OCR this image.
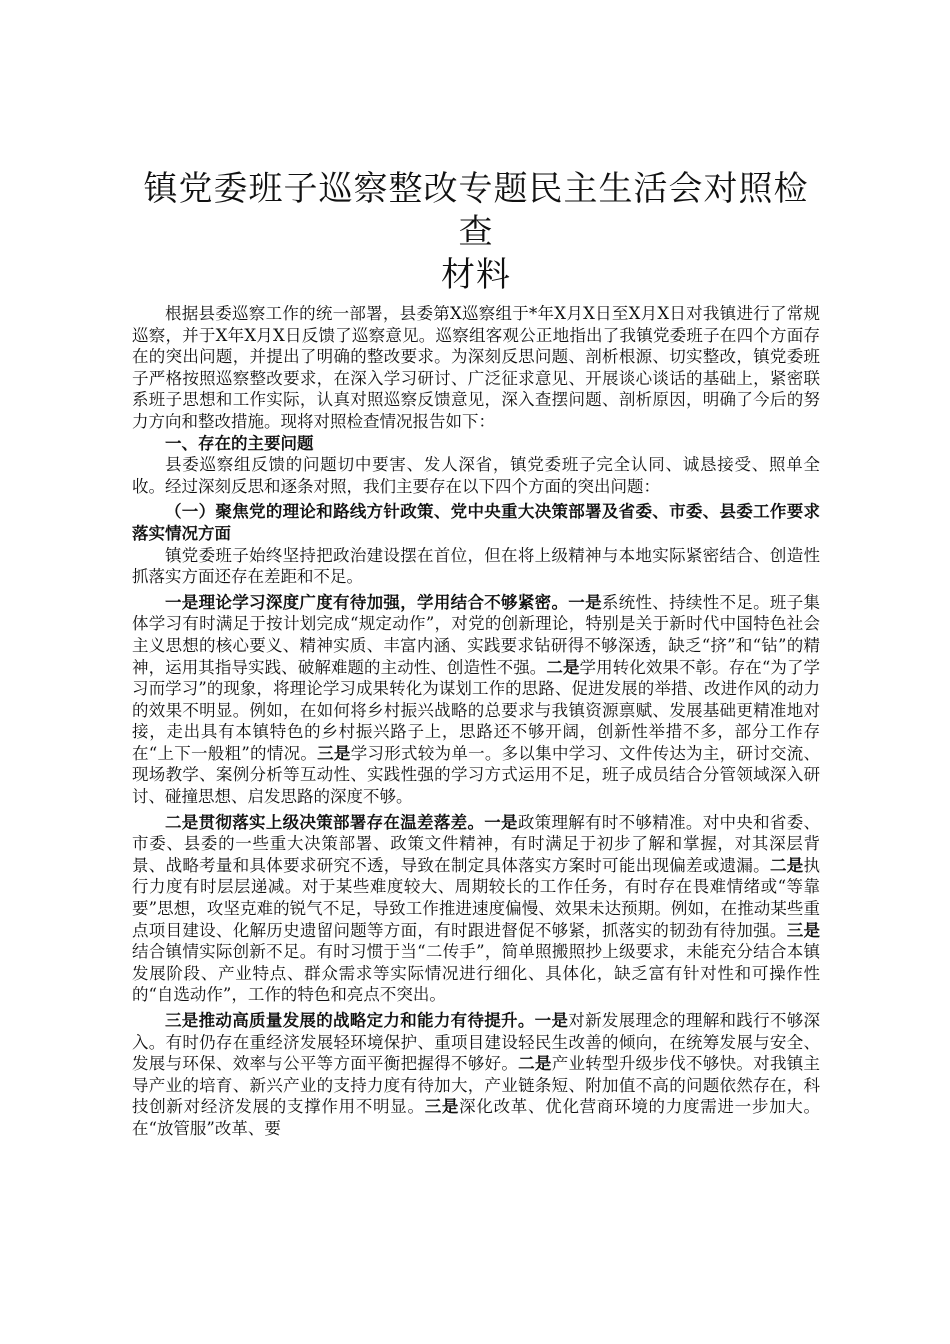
镇党委班子巡察整改专题民主生活会对照检查
材料

根据县委巡察工作的统一部署，县委第X巡察组于*年X月X日至X月X日对我镇进行了常规巡察，并于X年X月X日反馈了巡察意见。巡察组客观公正地指出了我镇党委班子在四个方面存在的突出问题，并提出了明确的整改要求。为深刻反思问题、剖析根源、切实整改，镇党委班子严格按照巡察整改要求，在深入学习研讨、广泛征求意见、开展谈心谈话的基础上，紧密联系班子思想和工作实际，认真对照巡察反馈意见，深入查摆问题、剖析原因，明确了今后的努力方向和整改措施。现将对照检查情况报告如下：

一、存在的主要问题

县委巡察组反馈的问题切中要害、发人深省，镇党委班子完全认同、诚恳接受、照单全收。经过深刻反思和逐条对照，我们主要存在以下四个方面的突出问题：

（一）聚焦党的理论和路线方针政策、党中央重大决策部署及省委、市委、县委工作要求落实情况方面

镇党委班子始终坚持把政治建设摆在首位，但在将上级精神与本地实际紧密结合、创造性抓落实方面还存在差距和不足。

一是理论学习深度广度有待加强，学用结合不够紧密。一是系统性、持续性不足。班子集体学习有时满足于按计划完成“规定动作”，对党的创新理论，特别是关于新时代中国特色社会主义思想的核心要义、精神实质、丰富内涵、实践要求钻研得不够深透，缺乏“挤”和“钻”的精神，运用其指导实践、破解难题的主动性、创造性不强。二是学用转化效果不彰。存在“为了学习而学习”的现象，将理论学习成果转化为谋划工作的思路、促进发展的举措、改进作风的动力的效果不明显。例如，在如何将乡村振兴战略的总要求与我镇资源禀赋、发展基础更精准地对接，走出具有本镇特色的乡村振兴路子上，思路还不够开阔，创新性举措不多，部分工作存在“上下一般粗”的情况。三是学习形式较为单一。多以集中学习、文件传达为主，研讨交流、现场教学、案例分析等互动性、实践性强的学习方式运用不足，班子成员结合分管领域深入研讨、碰撞思想、启发思路的深度不够。

二是贯彻落实上级决策部署存在温差落差。一是政策理解有时不够精准。对中央和省委、市委、县委的一些重大决策部署、政策文件精神，有时满足于初步了解和掌握，对其深层背景、战略考量和具体要求研究不透，导致在制定具体落实方案时可能出现偏差或遗漏。二是执行力度有时层层递减。对于某些难度较大、周期较长的工作任务，有时存在畏难情绪或“等靠要”思想，攻坚克难的锐气不足，导致工作推进速度偏慢、效果未达预期。例如，在推动某些重点项目建设、化解历史遗留问题等方面，有时跟进督促不够紧，抓落实的韧劲有待加强。三是结合镇情实际创新不足。有时习惯于当“二传手”，简单照搬照抄上级要求，未能充分结合本镇发展阶段、产业特点、群众需求等实际情况进行细化、具体化，缺乏富有针对性和可操作性的“自选动作”，工作的特色和亮点不突出。

三是推动高质量发展的战略定力和能力有待提升。一是对新发展理念的理解和践行不够深入。有时仍存在重经济发展轻环境保护、重项目建设轻民生改善的倾向，在统筹发展与安全、发展与环保、效率与公平等方面平衡把握得不够好。二是产业转型升级步伐不够快。对我镇主导产业的培育、新兴产业的支持力度有待加大，产业链条短、附加值不高的问题依然存在，科技创新对经济发展的支撑作用不明显。三是深化改革、优化营商环境的力度需进一步加大。在“放管服”改革、要
